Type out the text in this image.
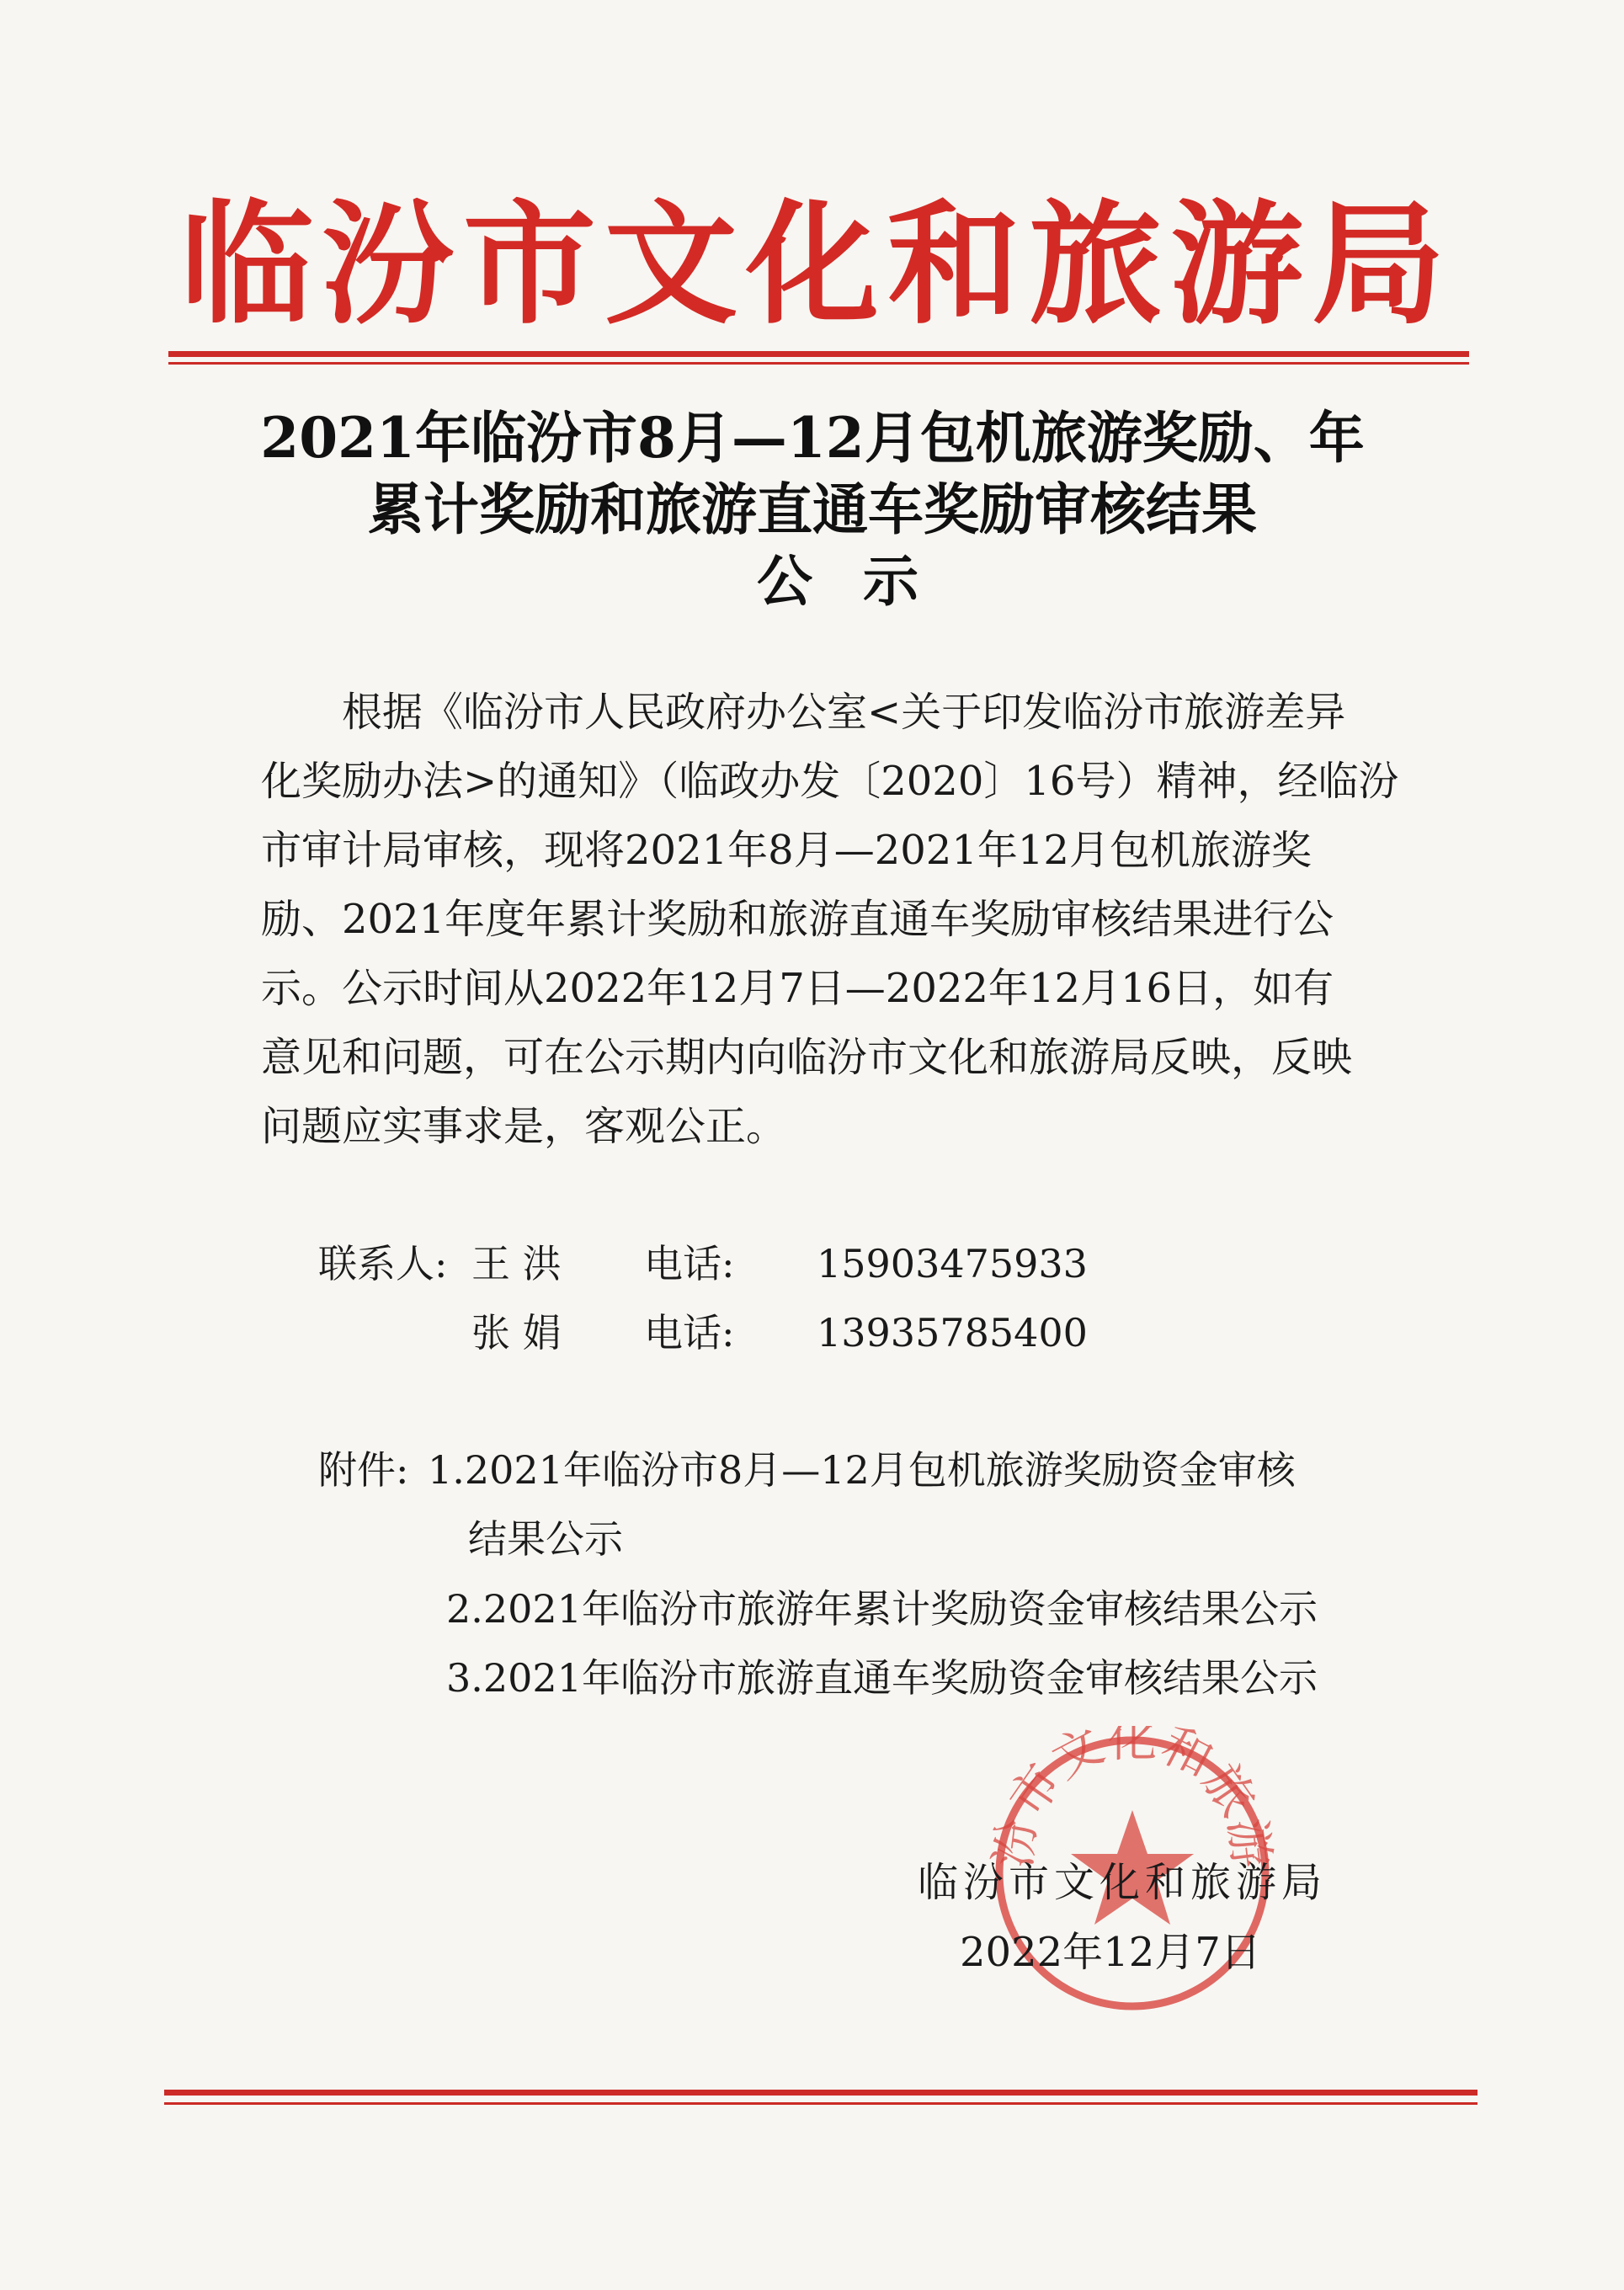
临汾市文化和旅游局
2021年临汾市8月—12月包机旅游奖励、年
累计奖励和旅游直通车奖励审核结果
公示
根据《临汾市人民政府办公室<关于印发临汾市旅游差异
化奖励办法>的通知》（临政办发〔2020〕16号）精神，经临汾
市审计局审核，现将2021年8月—2021年12月包机旅游奖
励、2021年度年累计奖励和旅游直通车奖励审核结果进行公
示。公示时间从2022年12月7日—2022年12月16日，如有
意见和问题，可在公示期内向临汾市文化和旅游局反映，反映
问题应实事求是，客观公正。
联系人: 王 洪 电话: 15903475933
张 娟 电话: 13935785400
附件: 1.2021年临汾市8月—12月包机旅游奖励资金审核
结果公示
2.2021年临汾市旅游年累计奖励资金审核结果公示
3.2021年临汾市旅游直通车奖励资金审核结果公示
汾市文化和旅游
临汾市文化和旅游局
2022年12月7日
